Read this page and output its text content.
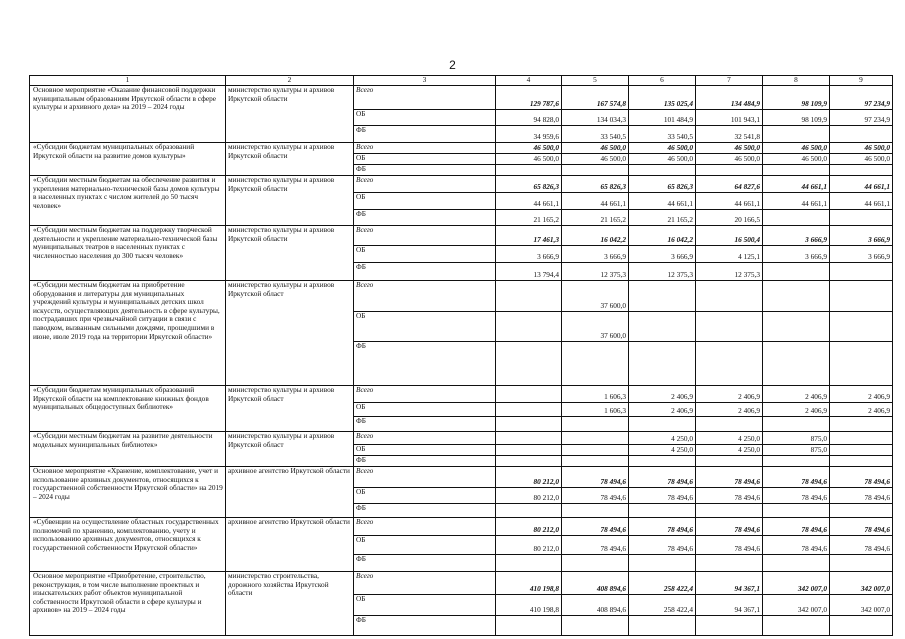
2
1	2	3	4	5	6	7	8	9
Основное мероприятие «Оказание финансовой поддержки муниципальным образованиям Иркутской области в сфере культуры и архивного дела» на 2019 – 2024 годы	министерство культуры и архивов Иркутской области	Всего	129 787,6	167 574,8	135 025,4	134 484,9	98 109,9	97 234,9
		ОБ	94 828,0	134 034,3	101 484,9	101 943,1	98 109,9	97 234,9
		ФБ	34 959,6	33 540,5	33 540,5	32 541,8		
«Субсидии бюджетам муниципальных образований Иркутской области на развитие домов культуры»	министерство культуры и архивов Иркутской области	Всего	46 500,0	46 500,0	46 500,0	46 500,0	46 500,0	46 500,0
		ОБ	46 500,0	46 500,0	46 500,0	46 500,0	46 500,0	46 500,0
		ФБ						
«Субсидии местным бюджетам на обеспечение развития и укрепления материально-технической базы домов культуры в населенных пунктах с числом жителей до 50 тысяч человек»	министерство культуры и архивов Иркутской области	Всего	65 826,3	65 826,3	65 826,3	64 827,6	44 661,1	44 661,1
		ОБ	44 661,1	44 661,1	44 661,1	44 661,1	44 661,1	44 661,1
		ФБ	21 165,2	21 165,2	21 165,2	20 166,5		
«Субсидии местным бюджетам на поддержку творческой деятельности и укрепление материально-технической базы муниципальных театров в населенных пунктах с численностью населения до 300 тысяч человек»	министерство культуры и архивов Иркутской области	Всего	17 461,3	16 042,2	16 042,2	16 500,4	3 666,9	3 666,9
		ОБ	3 666,9	3 666,9	3 666,9	4 125,1	3 666,9	3 666,9
		ФБ	13 794,4	12 375,3	12 375,3	12 375,3		
«Субсидии местным бюджетам на приобретение оборудования и литературы для муниципальных учреждений культуры и муниципальных детских школ искусств, осуществляющих деятельность в сфере культуры, пострадавших при чрезвычайной ситуации в связи с паводком, вызванным сильными дождями, прошедшими в июне, июле 2019 года на территории Иркутской области»	министерство культуры и архивов Иркутской област	Всего		37 600,0				
		ОБ		37 600,0				
		ФБ						
«Субсидии бюджетам муниципальных образований Иркутской области на комплектование книжных фондов муниципальных общедоступных библиотек»	министерство культуры и архивов Иркутской област	Всего		1 606,3	2 406,9	2 406,9	2 406,9	2 406,9
		ОБ		1 606,3	2 406,9	2 406,9	2 406,9	2 406,9
		ФБ						
«Субсидии местным бюджетам на развитие деятельности модельных муниципальных библиотек»	министерство культуры и архивов Иркутской област	Всего			4 250,0	4 250,0	875,0	
		ОБ			4 250,0	4 250,0	875,0	
		ФБ						
Основное мероприятие «Хранение, комплектование, учет и использование архивных документов, относящихся к государственной собственности Иркутской области» на 2019 – 2024 годы	архивное агентство Иркутской области	Всего	80 212,0	78 494,6	78 494,6	78 494,6	78 494,6	78 494,6
		ОБ	80 212,0	78 494,6	78 494,6	78 494,6	78 494,6	78 494,6
		ФБ						
«Субвенции на осуществление областных государственных полномочий по хранению, комплектованию, учету и использованию архивных документов, относящихся к государственной собственности Иркутской области»	архивное агентство Иркутской области	Всего	80 212,0	78 494,6	78 494,6	78 494,6	78 494,6	78 494,6
		ОБ	80 212,0	78 494,6	78 494,6	78 494,6	78 494,6	78 494,6
		ФБ						
Основное мероприятие «Приобретение, строительство, реконструкция, в том числе выполнение проектных и изыскательских работ объектов муниципальной собственности Иркутской области в сфере культуры и архивов» на 2019 – 2024 годы	министерство строительства, дорожного хозяйства Иркутской области	Всего	410 198,8	408 894,6	258 422,4	94 367,1	342 007,0	342 007,0
		ОБ	410 198,8	408 894,6	258 422,4	94 367,1	342 007,0	342 007,0
		ФБ						
